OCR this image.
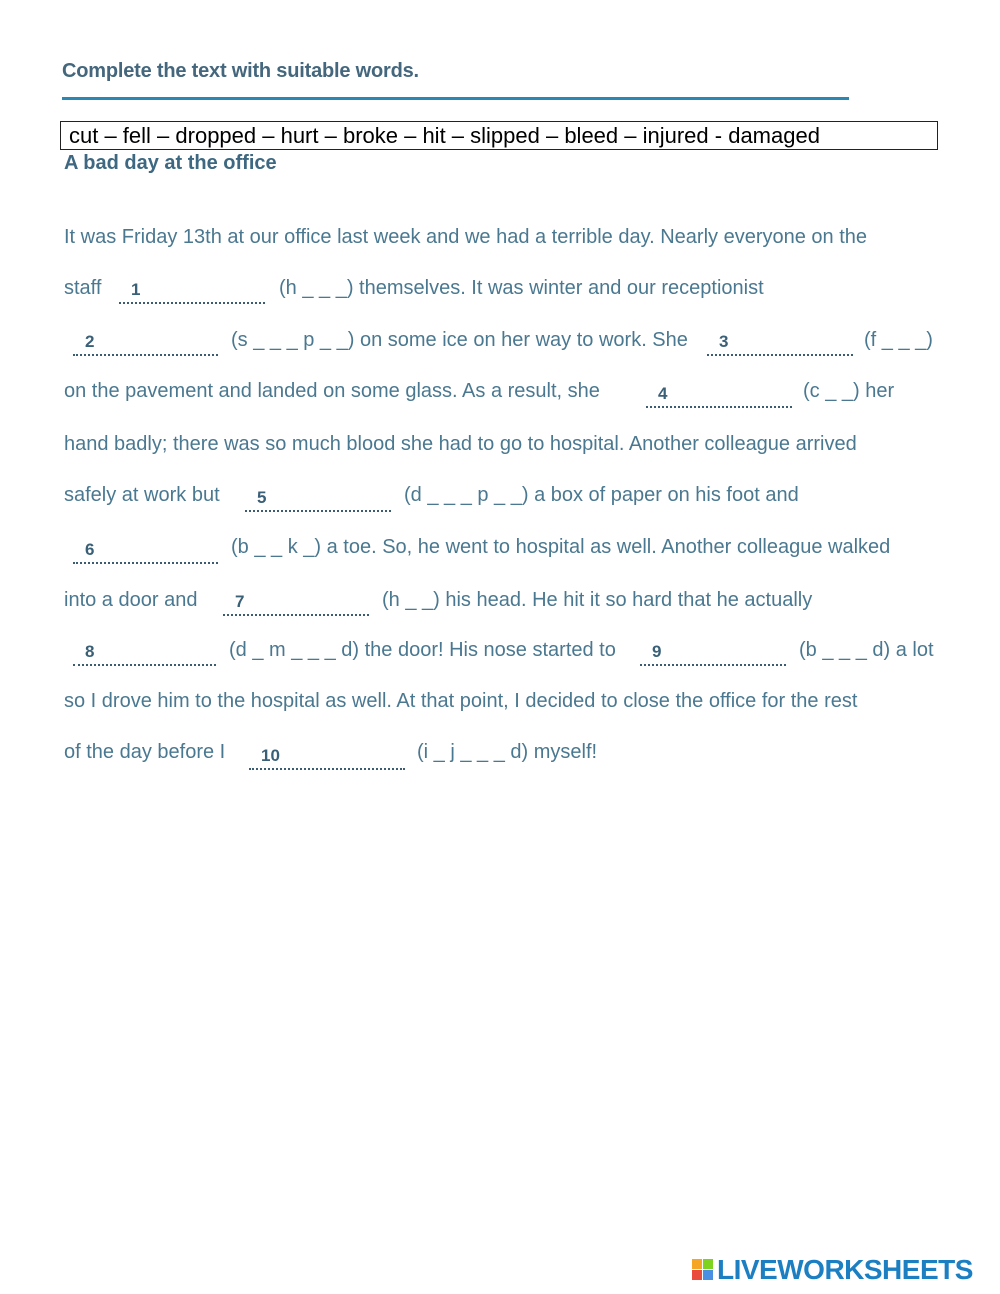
Complete the text with suitable words.
cut – fell – dropped – hurt – broke – hit – slipped – bleed – injured - damaged
A bad day at the office
It was Friday 13th at our office last week and we had a terrible day. Nearly everyone on the
staff 1	(h _ _ _) themselves. It was winter and our receptionist
2	(s _ _ _ p _ _) on some ice on her way to work. She 3	(f _ _ _)
on the pavement and landed on some glass. As a result, she	4	(c _ _) her
hand badly; there was so much blood she had to go to hospital. Another colleague arrived
safely at work but 5	(d _ _ _ p _ _) a box of paper on his foot and
6	(b _ _ k _) a toe. So, he went to hospital as well. Another colleague walked
into a door and 7	(h _ _) his head. He hit it so hard that he actually
8	(d _ m _ _ _ d) the door! His nose started to 9	(b _ _ _ d) a lot
so I drove him to the hospital as well. At that point, I decided to close the office for the rest
of the day before I 10	(i _ j _ _ _ d) myself!
LIVEWORKSHEETS
